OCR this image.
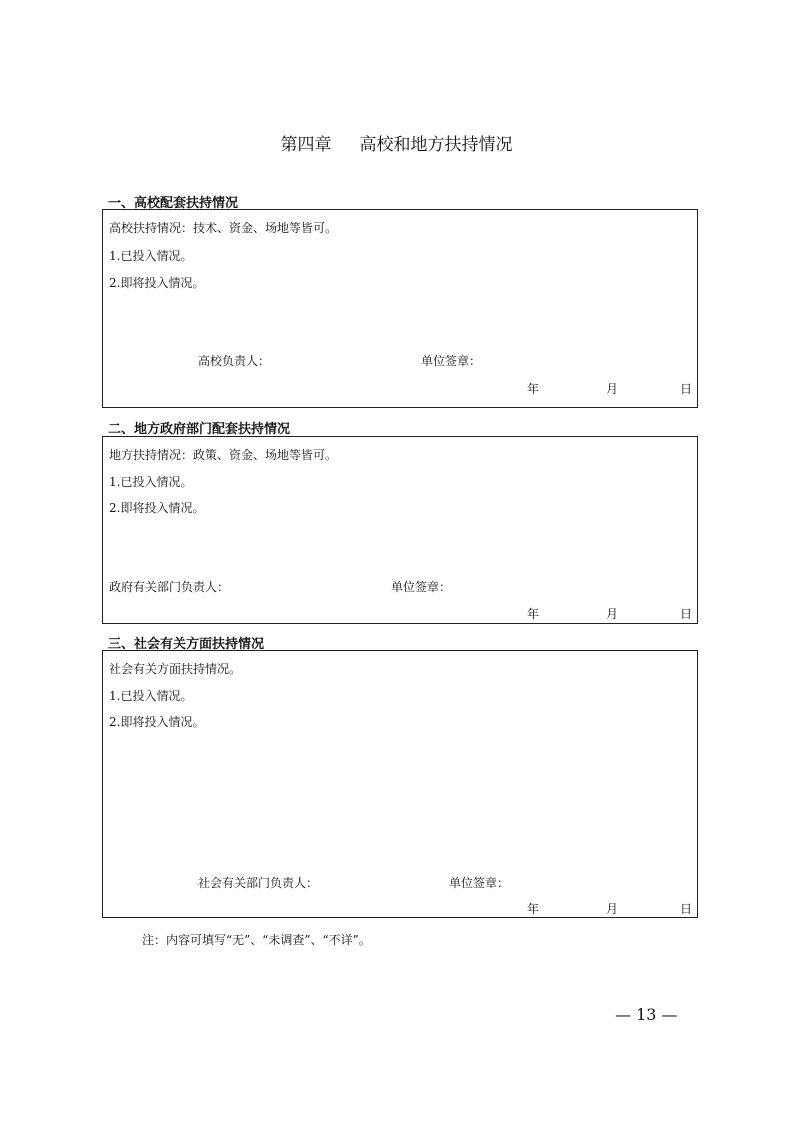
第四章 高校和地方扶持情况
一、高校配套扶持情况
高校扶持情况：技术、资金、场地等皆可。
1.已投入情况。
2.即将投入情况。
高校负责人：	单位签章：
年	月	日
二、地方政府部门配套扶持情况
地方扶持情况：政策、资金、场地等皆可。
1.已投入情况。
2.即将投入情况。
政府有关部门负责人：	单位签章：
年	月	日
三、社会有关方面扶持情况
社会有关方面扶持情况。
1.已投入情况。
2.即将投入情况。
社会有关部门负责人：	单位签章：
年	月	日
注：内容可填写“无”、“未调查”、“不详”。
— 13 —
